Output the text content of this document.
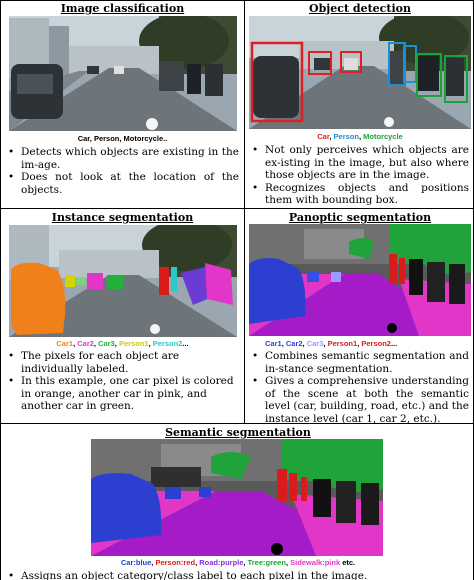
Image classification
Car, Person, Motorcycle..
• Detects which objects are existing in the im-age.
• Does not look at the location of the objects.
Object detection
Car, Person, Motorcycle
• Not only perceives which objects are ex-isting in the image, but also where those objects are in the image.
• Recognizes objects and positions them with bounding box.
Instance segmentation
Car1, Car2, Car3, Person1, Person2...
• The pixels for each object are individually labeled.
• In this example, one car pixel is colored in orange, another car in pink, and another car in green.
Panoptic segmentation
Car1, Car2, Car3, Person1, Person2...
• Combines semantic segmentation and in-stance segmentation.
• Gives a comprehensive understanding of the scene at both the semantic level (car, building, road, etc.) and the instance level (car 1, car 2, etc.).
Semantic segmentation
Car:blue, Person:red, Road:purple, Tree:green, Sidewalk:pink etc.
• Assigns an object category/class label to each pixel in the image.
